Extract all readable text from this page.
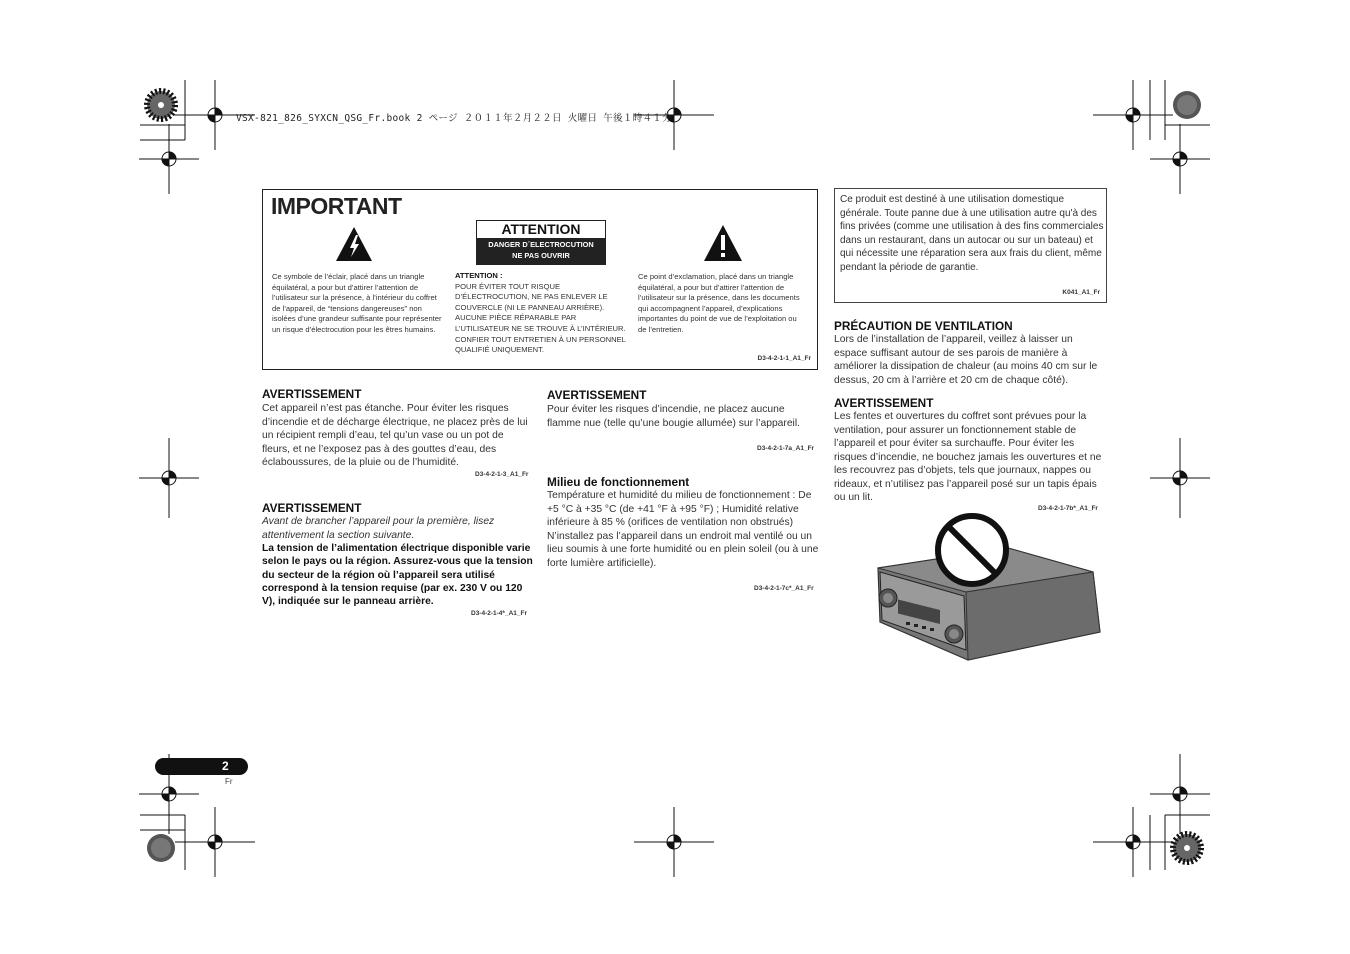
VSX-821_826_SYXCN_QSG_Fr.book 2 ページ ２０１１年２月２２日 火曜日 午後１時４１分
IMPORTANT
ATTENTION
DANGER D´ELECTROCUTION
NE PAS OUVRIR
Ce symbole de l’éclair, placé dans un triangle équilatéral, a pour but d’attirer l’attention de l’utilisateur sur la présence, à l’intérieur du coffret de l’appareil, de “tensions dangereuses” non isolées d’une grandeur suffisante pour représenter un risque d’électrocution pour les êtres humains.
ATTENTION :
POUR ÉVITER TOUT RISQUE D’ÉLECTROCUTION, NE PAS ENLEVER LE COUVERCLE (NI LE PANNEAU ARRIÈRE). AUCUNE PIÈCE RÉPARABLE PAR L’UTILISATEUR NE SE TROUVE À L’INTÉRIEUR. CONFIER TOUT ENTRETIEN À UN PERSONNEL QUALIFIÉ UNIQUEMENT.
Ce point d’exclamation, placé dans un triangle équilatéral, a pour but d’attirer l’attention de l’utilisateur sur la présence, dans les documents qui accompagnent l’appareil, d’explications importantes du point de vue de l’exploitation ou de l’entretien.
D3-4-2-1-1_A1_Fr
Ce produit est destiné à une utilisation domestique générale. Toute panne due à une utilisation autre qu'à des fins privées (comme une utilisation à des fins commerciales dans un restaurant, dans un autocar ou sur un bateau) et qui nécessite une réparation sera aux frais du client, même pendant la période de garantie.
K041_A1_Fr
AVERTISSEMENT
Cet appareil n’est pas étanche. Pour éviter les risques d’incendie et de décharge électrique, ne placez près de lui un récipient rempli d’eau, tel qu’un vase ou un pot de fleurs, et ne l’exposez pas à des gouttes d’eau, des éclaboussures, de la pluie ou de l’humidité.
D3-4-2-1-3_A1_Fr
AVERTISSEMENT
Avant de brancher l’appareil pour la première, lisez attentivement la section suivante.
La tension de l’alimentation électrique disponible varie selon le pays ou la région. Assurez-vous que la tension du secteur de la région où l’appareil sera utilisé correspond à la tension requise (par ex. 230 V ou 120 V), indiquée sur le panneau arrière.
D3-4-2-1-4*_A1_Fr
AVERTISSEMENT
Pour éviter les risques d’incendie, ne placez aucune flamme nue (telle qu’une bougie allumée) sur l’appareil.
D3-4-2-1-7a_A1_Fr
Milieu de fonctionnement
Température et humidité du milieu de fonctionnement : De +5 °C à +35 °C (de +41 °F à +95 °F) ; Humidité relative inférieure à 85 % (orifices de ventilation non obstrués)
N’installez pas l’appareil dans un endroit mal ventilé ou un lieu soumis à une forte humidité ou en plein soleil (ou à une forte lumière artificielle).
D3-4-2-1-7c*_A1_Fr
PRÉCAUTION DE VENTILATION
Lors de l’installation de l’appareil, veillez à laisser un espace suffisant autour de ses parois de manière à améliorer la dissipation de chaleur (au moins 40 cm sur le dessus, 20 cm à l’arrière et 20 cm de chaque côté).
AVERTISSEMENT
Les fentes et ouvertures du coffret sont prévues pour la ventilation, pour assurer un fonctionnement stable de l’appareil et pour éviter sa surchauffe. Pour éviter les risques d’incendie, ne bouchez jamais les ouvertures et ne les recouvrez pas d’objets, tels que journaux, nappes ou rideaux, et n’utilisez pas l’appareil posé sur un tapis épais ou un lit.
D3-4-2-1-7b*_A1_Fr
2
Fr
